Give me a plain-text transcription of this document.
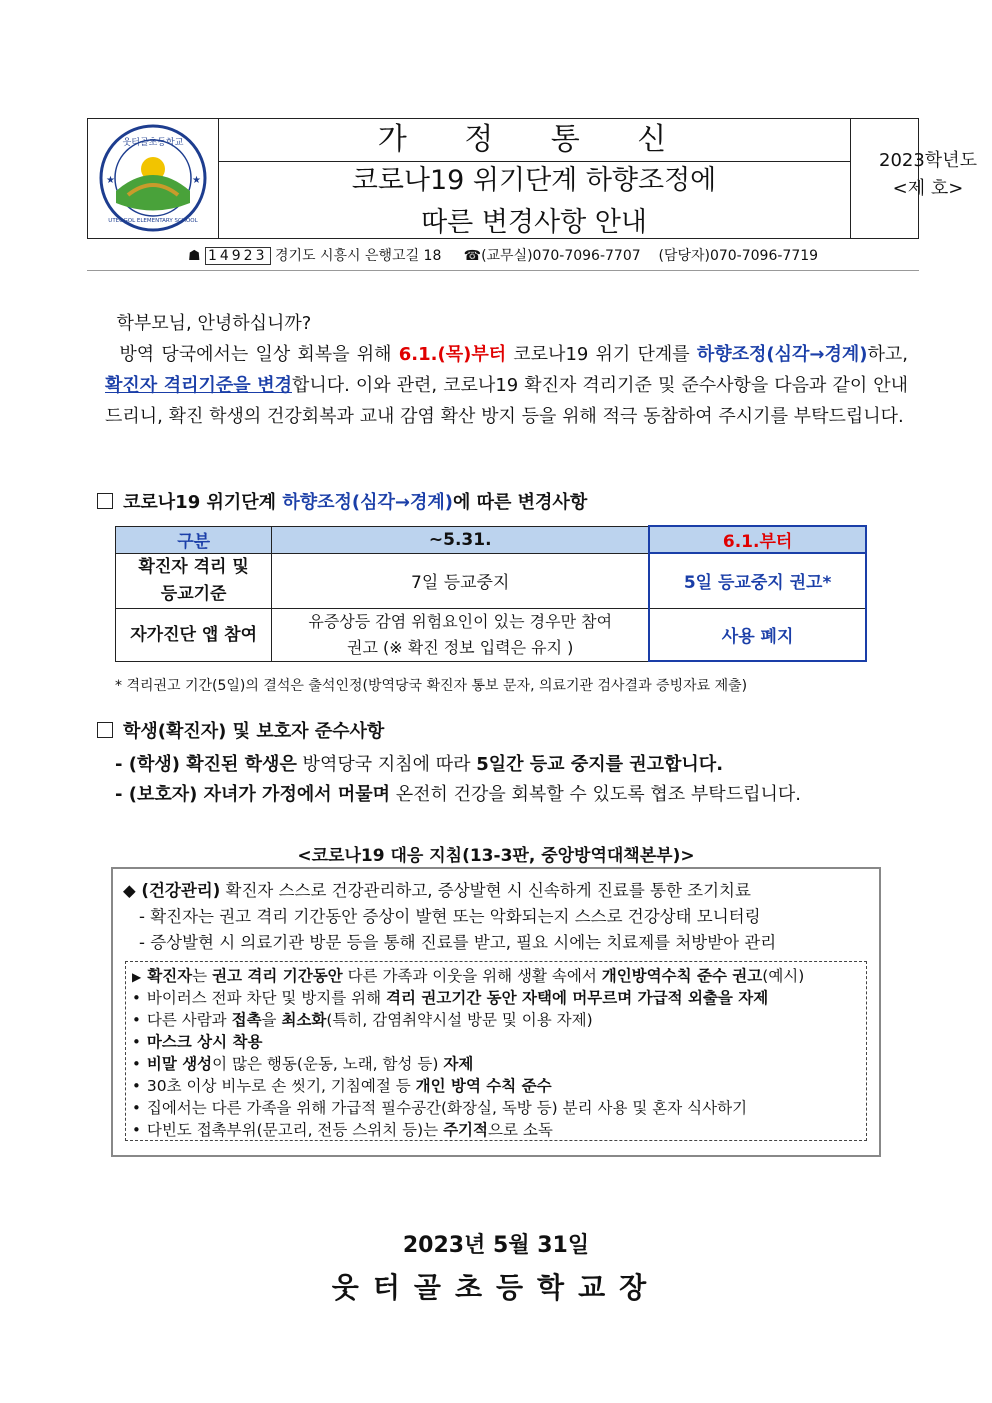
웃터골초등학교
UTEOGOL ELEMENTARY SCHOOL
★	★
가 정 통 신
코로나19 위기단계 하향조정에
따른 변경사항 안내
2023학년도
<제 호>
☗ 14923 경기도 시흥시 은행고길 18 ☎(교무실)070-7096-7707 (담당자)070-7096-7719
학부모님, 안녕하십니까?
방역 당국에서는 일상 회복을 위해 6.1.(목)부터 코로나19 위기 단계를 하향조정(심각→경계)하고, 확진자 격리기준을 변경합니다. 이와 관련, 코로나19 확진자 격리기준 및 준수사항을 다음과 같이 안내드리니, 확진 학생의 건강회복과 교내 감염 확산 방지 등을 위해 적극 동참하여 주시기를 부탁드립니다.
코로나19 위기단계 하향조정(심각→경계)에 따른 변경사항
구분	~5.31.	6.1.부터
확진자 격리 및 등교기준	7일 등교중지	5일 등교중지 권고*
자가진단 앱 참여	유증상등 감염 위험요인이 있는 경우만 참여 권고 (※ 확진 정보 입력은 유지 )	사용 폐지
* 격리권고 기간(5일)의 결석은 출석인정(방역당국 확진자 통보 문자, 의료기관 검사결과 증빙자료 제출)
학생(확진자) 및 보호자 준수사항
- (학생) 확진된 학생은 방역당국 지침에 따라 5일간 등교 중지를 권고합니다.
- (보호자) 자녀가 가정에서 머물며 온전히 건강을 회복할 수 있도록 협조 부탁드립니다.
<코로나19 대응 지침(13-3판, 중앙방역대책본부)>
◆ (건강관리) 확진자 스스로 건강관리하고, 증상발현 시 신속하게 진료를 통한 조기치료
- 확진자는 권고 격리 기간동안 증상이 발현 또는 악화되는지 스스로 건강상태 모니터링
- 증상발현 시 의료기관 방문 등을 통해 진료를 받고, 필요 시에는 치료제를 처방받아 관리
▶ 확진자는 권고 격리 기간동안 다른 가족과 이웃을 위해 생활 속에서 개인방역수칙 준수 권고(예시)
• 바이러스 전파 차단 및 방지를 위해 격리 권고기간 동안 자택에 머무르며 가급적 외출을 자제
• 다른 사람과 접촉을 최소화(특히, 감염취약시설 방문 및 이용 자제)
• 마스크 상시 착용
• 비말 생성이 많은 행동(운동, 노래, 함성 등) 자제
• 30초 이상 비누로 손 씻기, 기침예절 등 개인 방역 수칙 준수
• 집에서는 다른 가족을 위해 가급적 필수공간(화장실, 독방 등) 분리 사용 및 혼자 식사하기
• 다빈도 접촉부위(문고리, 전등 스위치 등)는 주기적으로 소독
2023년 5월 31일
웃터골초등학교장
